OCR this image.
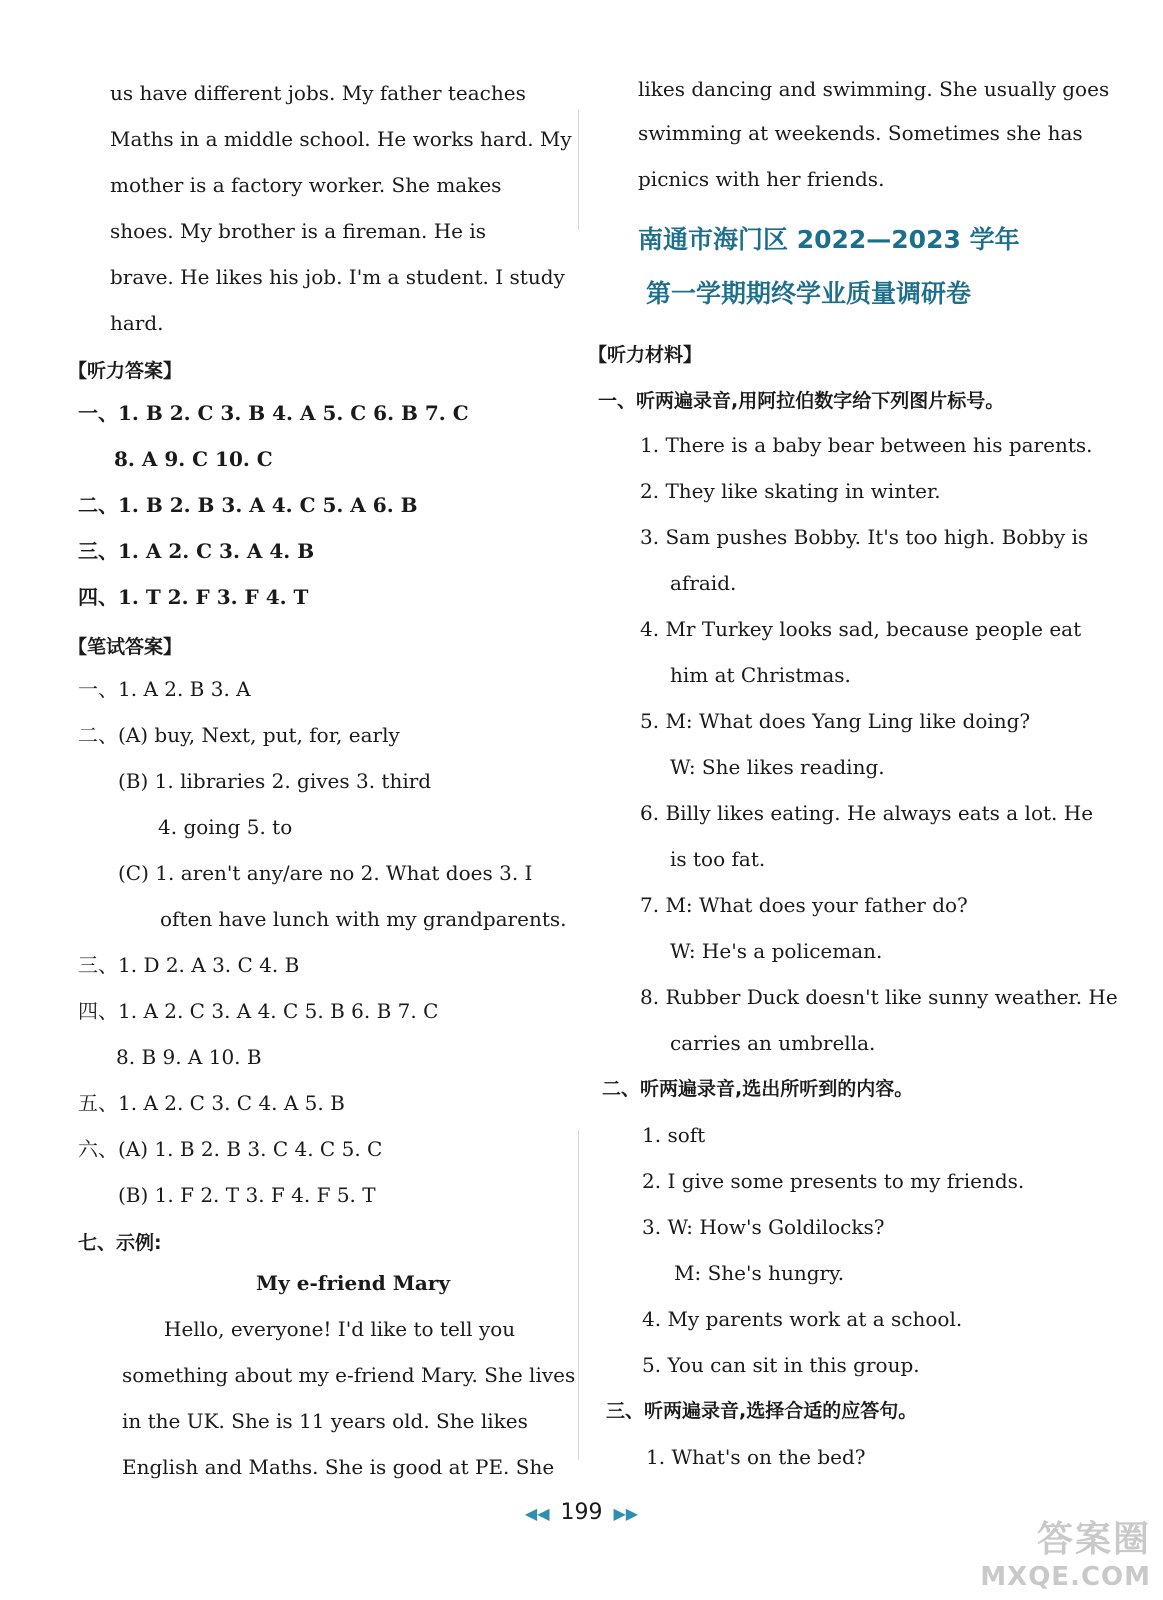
us have different jobs. My father teaches
Maths in a middle school. He works hard. My
mother is a factory worker. She makes
shoes. My brother is a fireman. He is
brave. He likes his job. I'm a student. I study
hard.
【听力答案】
一、1. B 2. C 3. B 4. A 5. C 6. B 7. C
8. A 9. C 10. C
二、1. B 2. B 3. A 4. C 5. A 6. B
三、1. A 2. C 3. A 4. B
四、1. T 2. F 3. F 4. T
【笔试答案】
一、1. A 2. B 3. A
二、(A) buy, Next, put, for, early
(B) 1. libraries 2. gives 3. third
4. going 5. to
(C) 1. aren't any/are no 2. What does 3. I
often have lunch with my grandparents.
三、1. D 2. A 3. C 4. B
四、1. A 2. C 3. A 4. C 5. B 6. B 7. C
8. B 9. A 10. B
五、1. A 2. C 3. C 4. A 5. B
六、(A) 1. B 2. B 3. C 4. C 5. C
(B) 1. F 2. T 3. F 4. F 5. T
七、示例:
My e-friend Mary
Hello, everyone! I'd like to tell you
something about my e-friend Mary. She lives
in the UK. She is 11 years old. She likes
English and Maths. She is good at PE. She
likes dancing and swimming. She usually goes
swimming at weekends. Sometimes she has
picnics with her friends.
南通市海门区 2022—2023 学年
第一学期期终学业质量调研卷
【听力材料】
一、听两遍录音,用阿拉伯数字给下列图片标号。
1. There is a baby bear between his parents.
2. They like skating in winter.
3. Sam pushes Bobby. It's too high. Bobby is
afraid.
4. Mr Turkey looks sad, because people eat
him at Christmas.
5. M: What does Yang Ling like doing?
W: She likes reading.
6. Billy likes eating. He always eats a lot. He
is too fat.
7. M: What does your father do?
W: He's a policeman.
8. Rubber Duck doesn't like sunny weather. He
carries an umbrella.
二、听两遍录音,选出所听到的内容。
1. soft
2. I give some presents to my friends.
3. W: How's Goldilocks?
M: She's hungry.
4. My parents work at a school.
5. You can sit in this group.
三、听两遍录音,选择合适的应答句。
1. What's on the bed?
◀◀ 199 ▶▶
答案圈
MXQE.COM
